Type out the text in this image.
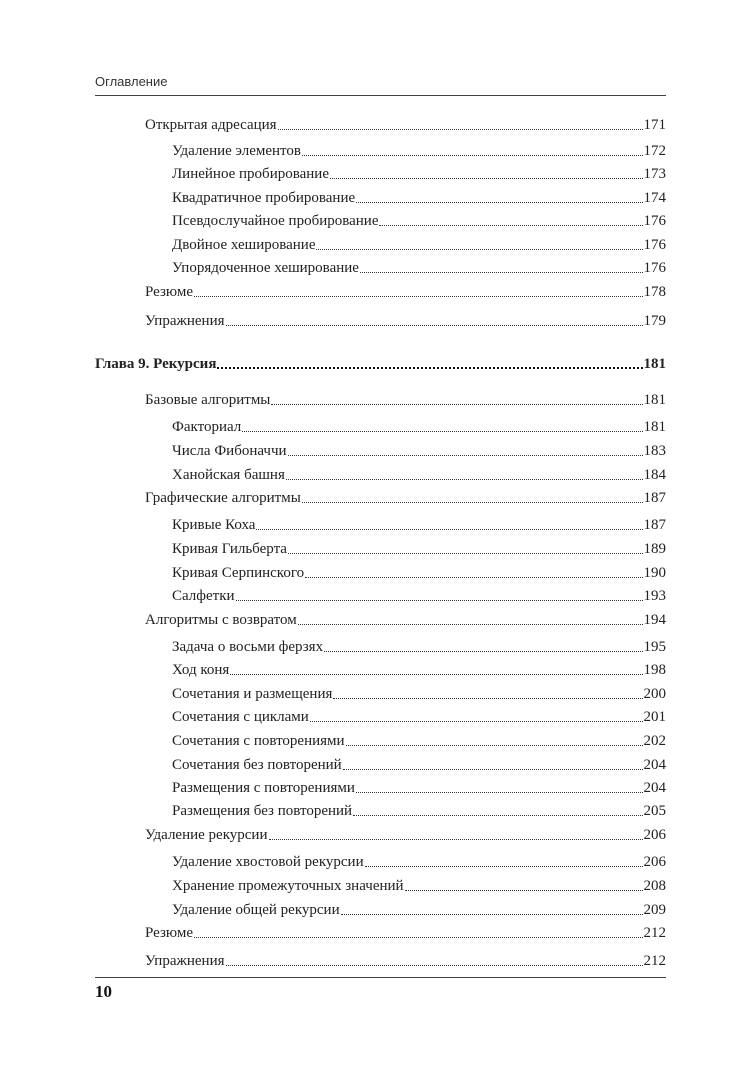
Оглавление
Открытая адресация	171
Удаление элементов	172
Линейное пробирование	173
Квадратичное пробирование	174
Псевдослучайное пробирование	176
Двойное хеширование	176
Упорядоченное хеширование	176
Резюме	178
Упражнения	179
Глава 9. Рекурсия	181
Базовые алгоритмы	181
Факториал	181
Числа Фибоначчи	183
Ханойская башня	184
Графические алгоритмы	187
Кривые Коха	187
Кривая Гильберта	189
Кривая Серпинского	190
Салфетки	193
Алгоритмы с возвратом	194
Задача о восьми ферзях	195
Ход коня	198
Сочетания и размещения	200
Сочетания с циклами	201
Сочетания с повторениями	202
Сочетания без повторений	204
Размещения с повторениями	204
Размещения без повторений	205
Удаление рекурсии	206
Удаление хвостовой рекурсии	206
Хранение промежуточных значений	208
Удаление общей рекурсии	209
Резюме	212
Упражнения	212
10
